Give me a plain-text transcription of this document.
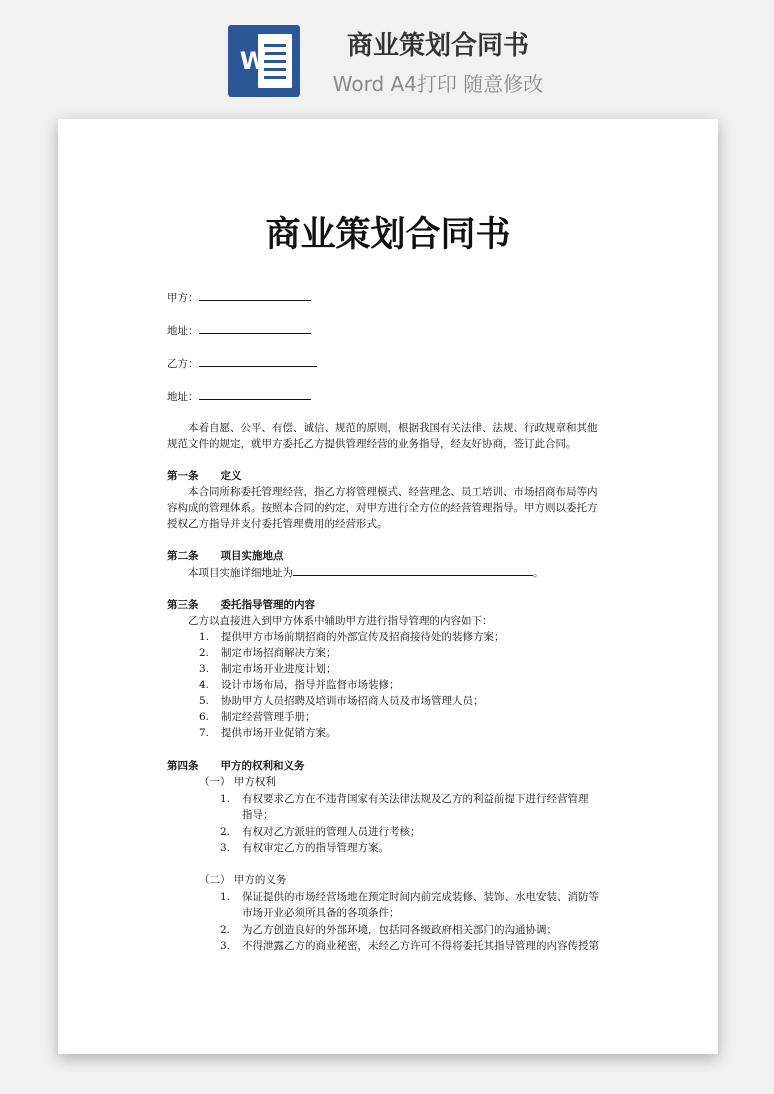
W	商业策划合同书
Word A4打印 随意修改
商业策划合同书
甲方：
地址：
乙方：
地址：
本着自愿、公平、有偿、诚信、规范的原则，根据我国有关法律、法规、行政规章和其他规范文件的规定，就甲方委托乙方提供管理经营的业务指导，经友好协商，签订此合同。
第一条 定义
本合同所称委托管理经营，指乙方将管理模式、经营理念、员工培训、市场招商布局等内容构成的管理体系。按照本合同的约定，对甲方进行全方位的经营管理指导。甲方则以委托方授权乙方指导并支付委托管理费用的经营形式。
第二条 项目实施地点
本项目实施详细地址为	。
第三条 委托指导管理的内容
乙方以直接进入到甲方体系中辅助甲方进行指导管理的内容如下：
1. 提供甲方市场前期招商的外部宣传及招商接待处的装修方案；
2. 制定市场招商解决方案；
3. 制定市场开业进度计划；
4. 设计市场布局，指导并监督市场装修；
5. 协助甲方人员招聘及培训市场招商人员及市场管理人员；
6. 制定经营管理手册；
7. 提供市场开业促销方案。
第四条 甲方的权利和义务
（一） 甲方权利
1. 有权要求乙方在不违背国家有关法律法规及乙方的利益前提下进行经营管理
指导；
2. 有权对乙方派驻的管理人员进行考核；
3. 有权审定乙方的指导管理方案。
（二） 甲方的义务
1. 保证提供的市场经营场地在预定时间内前完成装修、装饰、水电安装、消防等
市场开业必须所具备的各项条件；
2. 为乙方创造良好的外部环境，包括同各级政府相关部门的沟通协调；
3. 不得泄露乙方的商业秘密，未经乙方许可不得将委托其指导管理的内容传授第
